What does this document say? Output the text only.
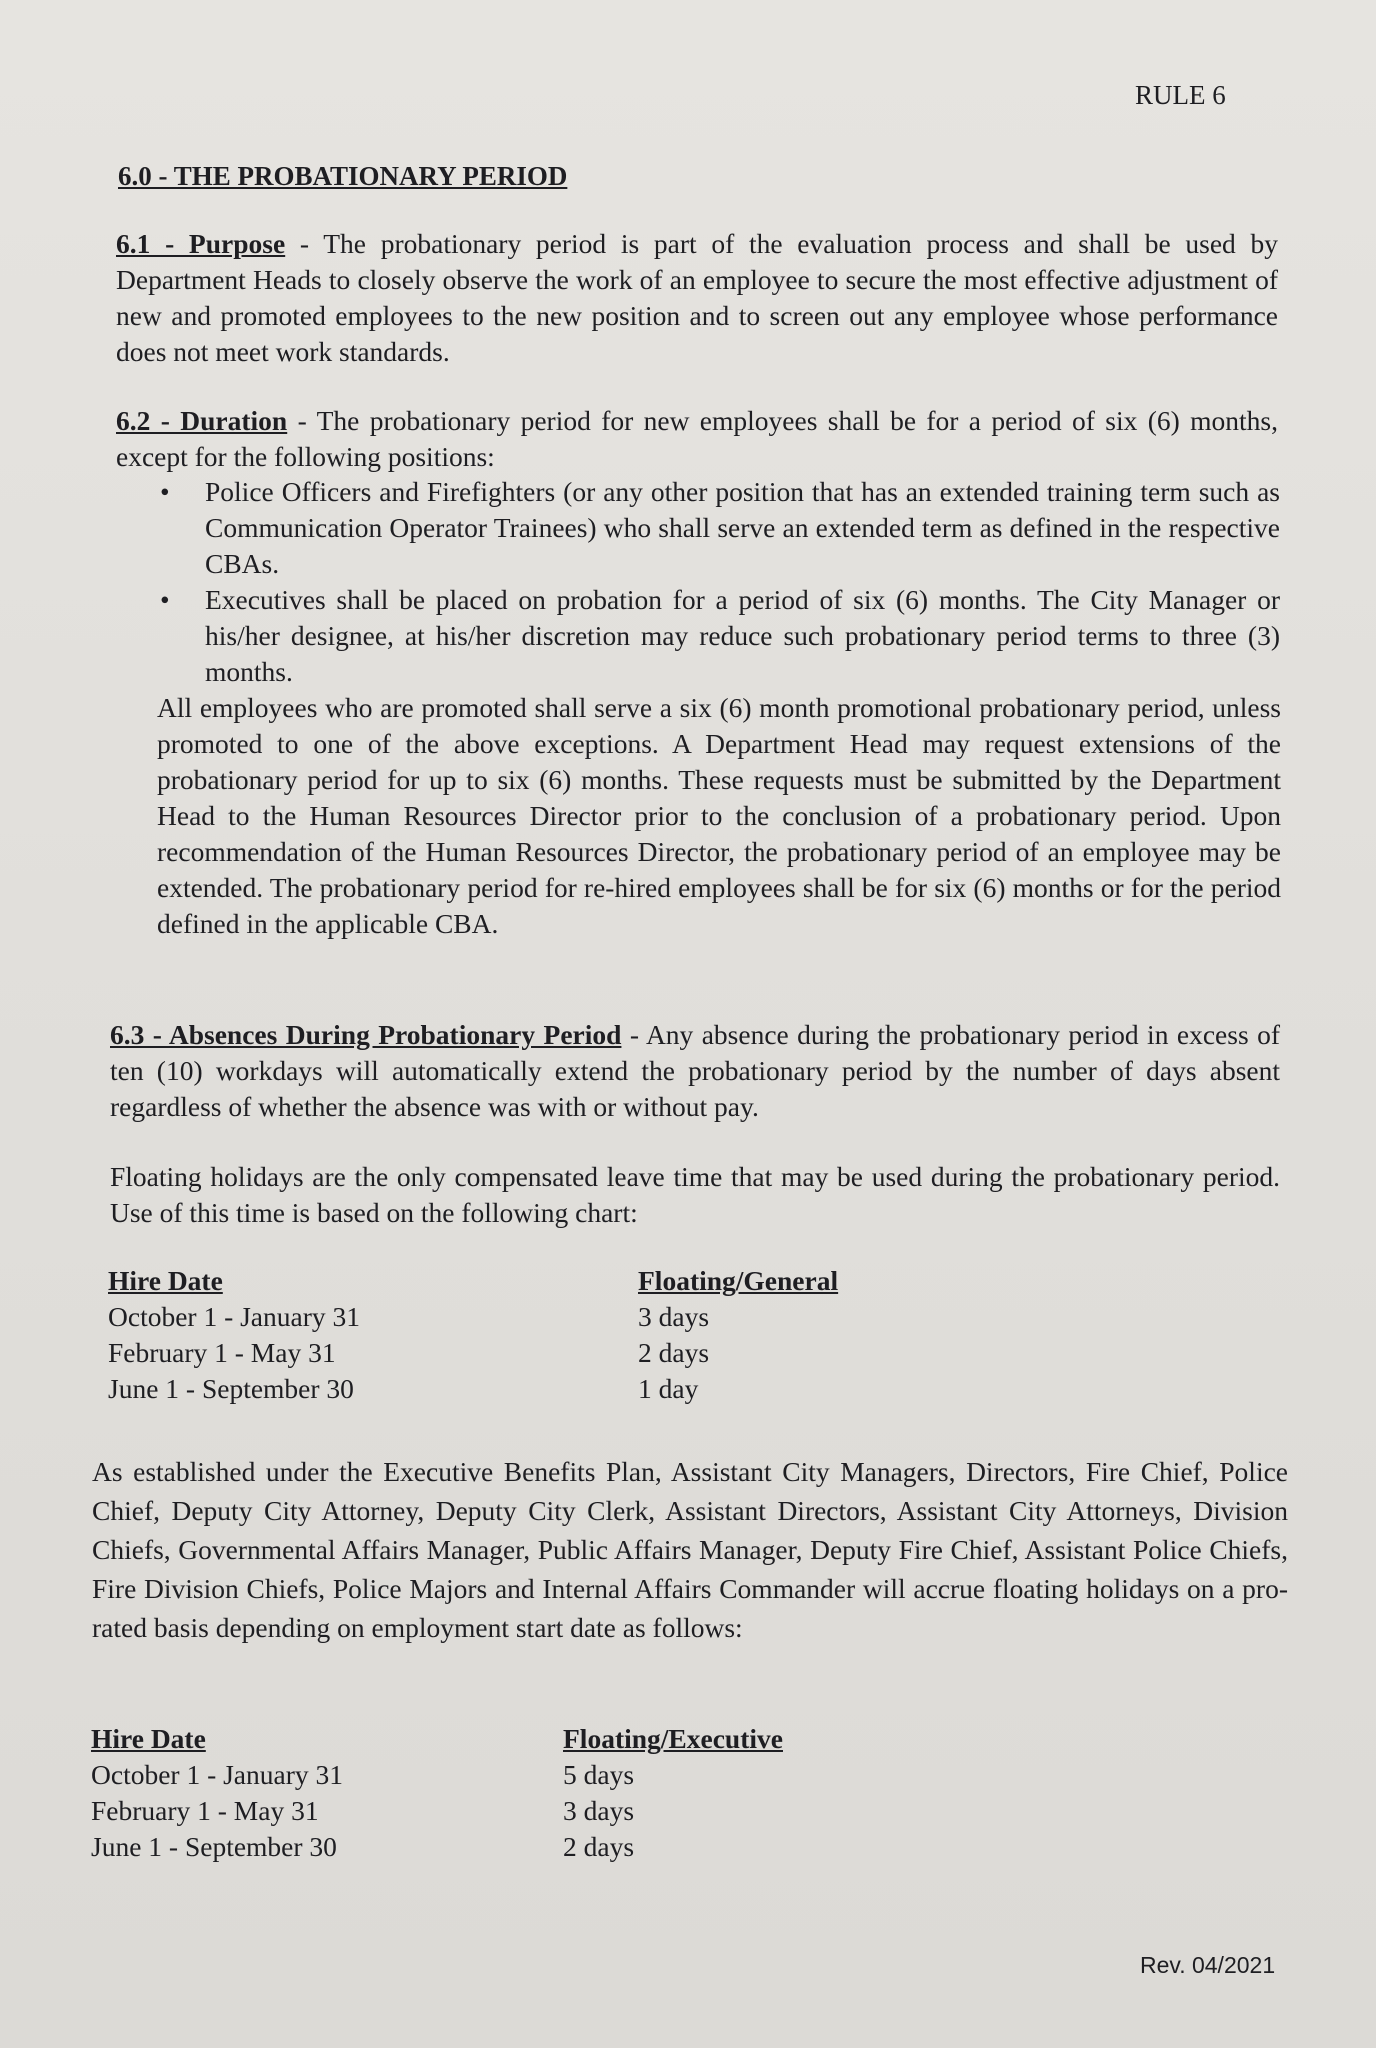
RULE 6
6.0 - THE PROBATIONARY PERIOD

6.1 - Purpose - The probationary period is part of the evaluation process and shall be used by Department Heads to closely observe the work of an employee to secure the most effective adjustment of new and promoted employees to the new position and to screen out any employee whose performance does not meet work standards.

6.2 - Duration - The probationary period for new employees shall be for a period of six (6) months, except for the following positions:

• Police Officers and Firefighters (or any other position that has an extended training term such as Communication Operator Trainees) who shall serve an extended term as defined in the respective CBAs.
• Executives shall be placed on probation for a period of six (6) months. The City Manager or his/her designee, at his/her discretion may reduce such probationary period terms to three (3) months.

All employees who are promoted shall serve a six (6) month promotional probationary period, unless promoted to one of the above exceptions. A Department Head may request extensions of the probationary period for up to six (6) months. These requests must be submitted by the Department Head to the Human Resources Director prior to the conclusion of a probationary period. Upon recommendation of the Human Resources Director, the probationary period of an employee may be extended. The probationary period for re-hired employees shall be for six (6) months or for the period defined in the applicable CBA.

6.3 - Absences During Probationary Period - Any absence during the probationary period in excess of ten (10) workdays will automatically extend the probationary period by the number of days absent regardless of whether the absence was with or without pay.

Floating holidays are the only compensated leave time that may be used during the probationary period. Use of this time is based on the following chart:

Hire Date	Floating/General
October 1 - January 31	3 days
February 1 - May 31	2 days
June 1 - September 30	1 day

As established under the Executive Benefits Plan, Assistant City Managers, Directors, Fire Chief, Police Chief, Deputy City Attorney, Deputy City Clerk, Assistant Directors, Assistant City Attorneys, Division Chiefs, Governmental Affairs Manager, Public Affairs Manager, Deputy Fire Chief, Assistant Police Chiefs, Fire Division Chiefs, Police Majors and Internal Affairs Commander will accrue floating holidays on a pro-rated basis depending on employment start date as follows:

Hire Date	Floating/Executive
October 1 - January 31	5 days
February 1 - May 31	3 days
June 1 - September 30	2 days
Rev. 04/2021
